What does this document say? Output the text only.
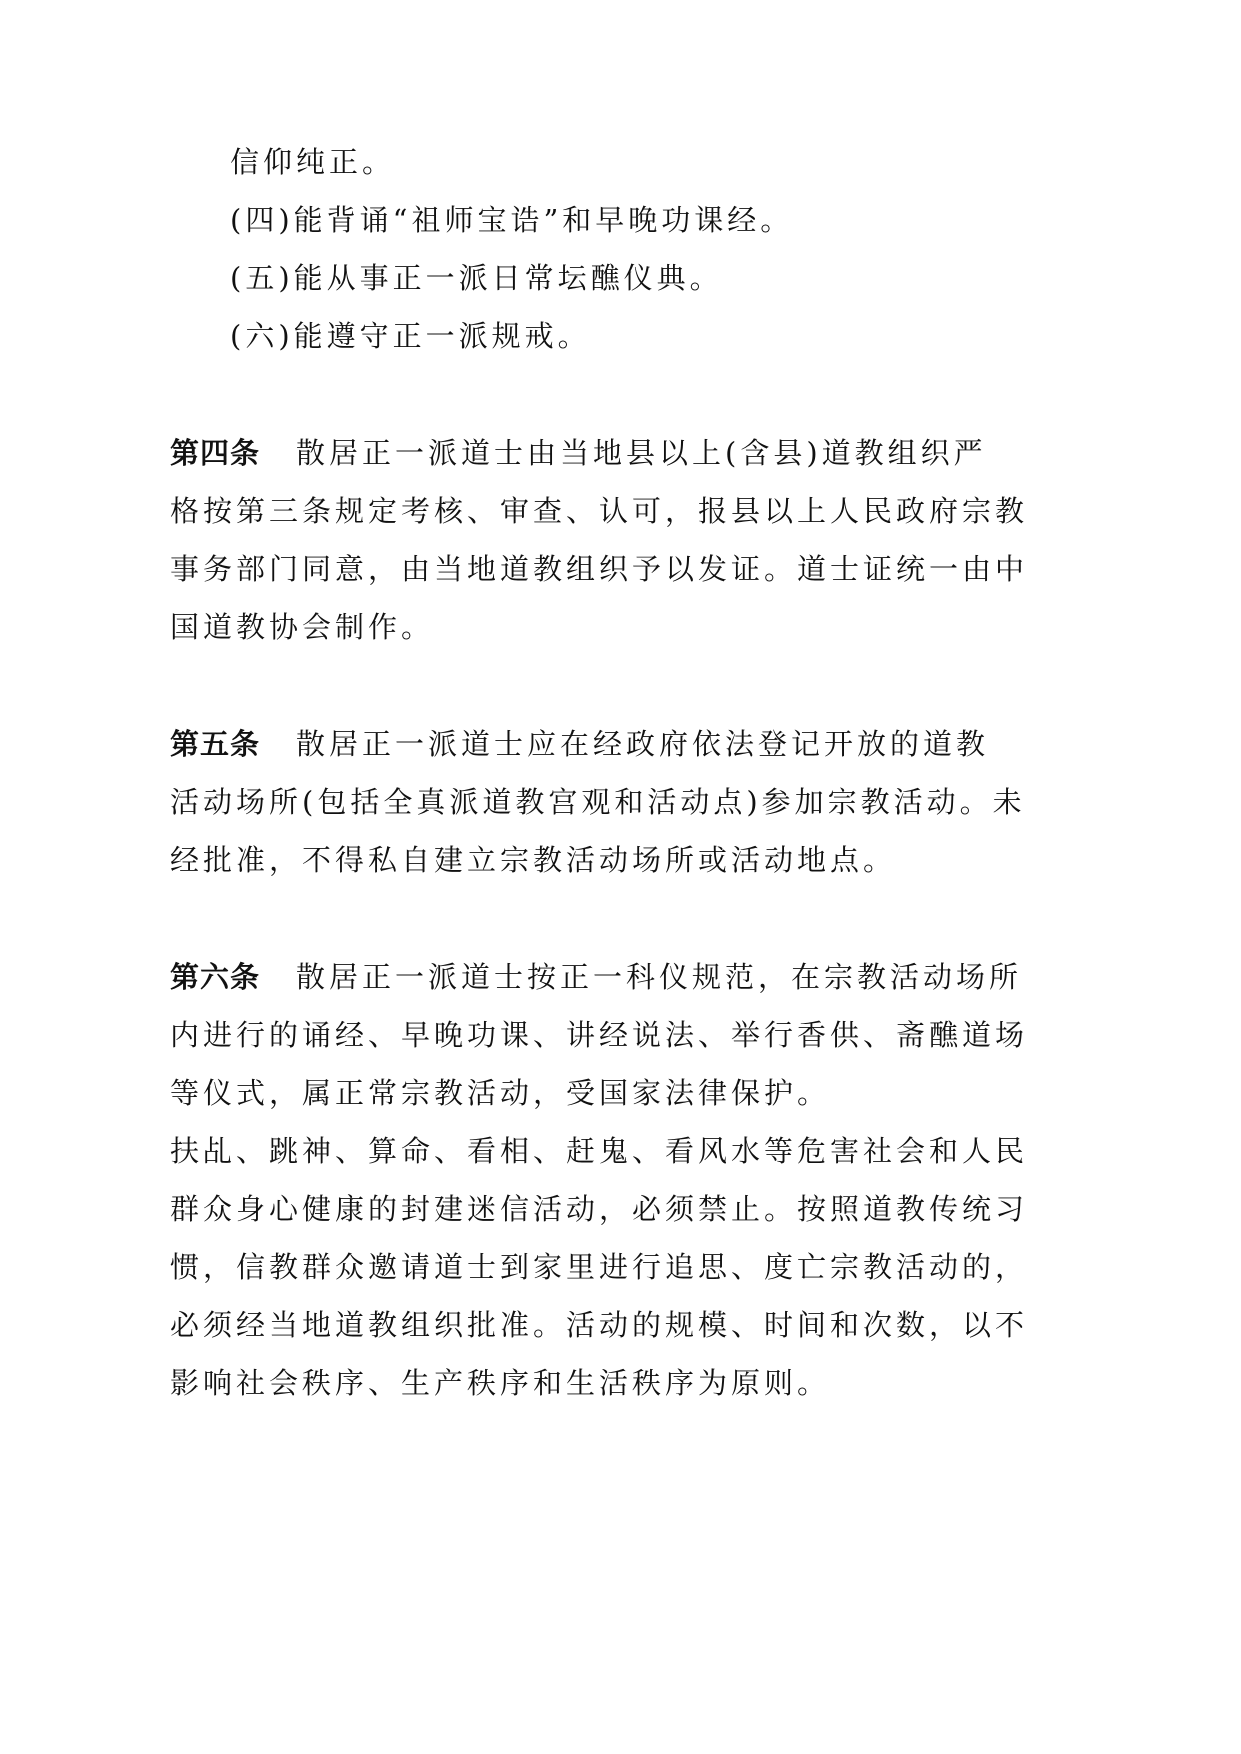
信仰纯正。
(四)能背诵“祖师宝诰”和早晚功课经。
(五)能从事正一派日常坛醮仪典。
(六)能遵守正一派规戒。
第四条 散居正一派道士由当地县以上(含县)道教组织严
格按第三条规定考核、审查、认可，报县以上人民政府宗教
事务部门同意，由当地道教组织予以发证。道士证统一由中
国道教协会制作。
第五条 散居正一派道士应在经政府依法登记开放的道教
活动场所(包括全真派道教宫观和活动点)参加宗教活动。未
经批准，不得私自建立宗教活动场所或活动地点。
第六条 散居正一派道士按正一科仪规范，在宗教活动场所
内进行的诵经、早晚功课、讲经说法、举行香供、斋醮道场
等仪式，属正常宗教活动，受国家法律保护。
扶乩、跳神、算命、看相、赶鬼、看风水等危害社会和人民
群众身心健康的封建迷信活动，必须禁止。按照道教传统习
惯，信教群众邀请道士到家里进行追思、度亡宗教活动的，
必须经当地道教组织批准。活动的规模、时间和次数，以不
影响社会秩序、生产秩序和生活秩序为原则。
